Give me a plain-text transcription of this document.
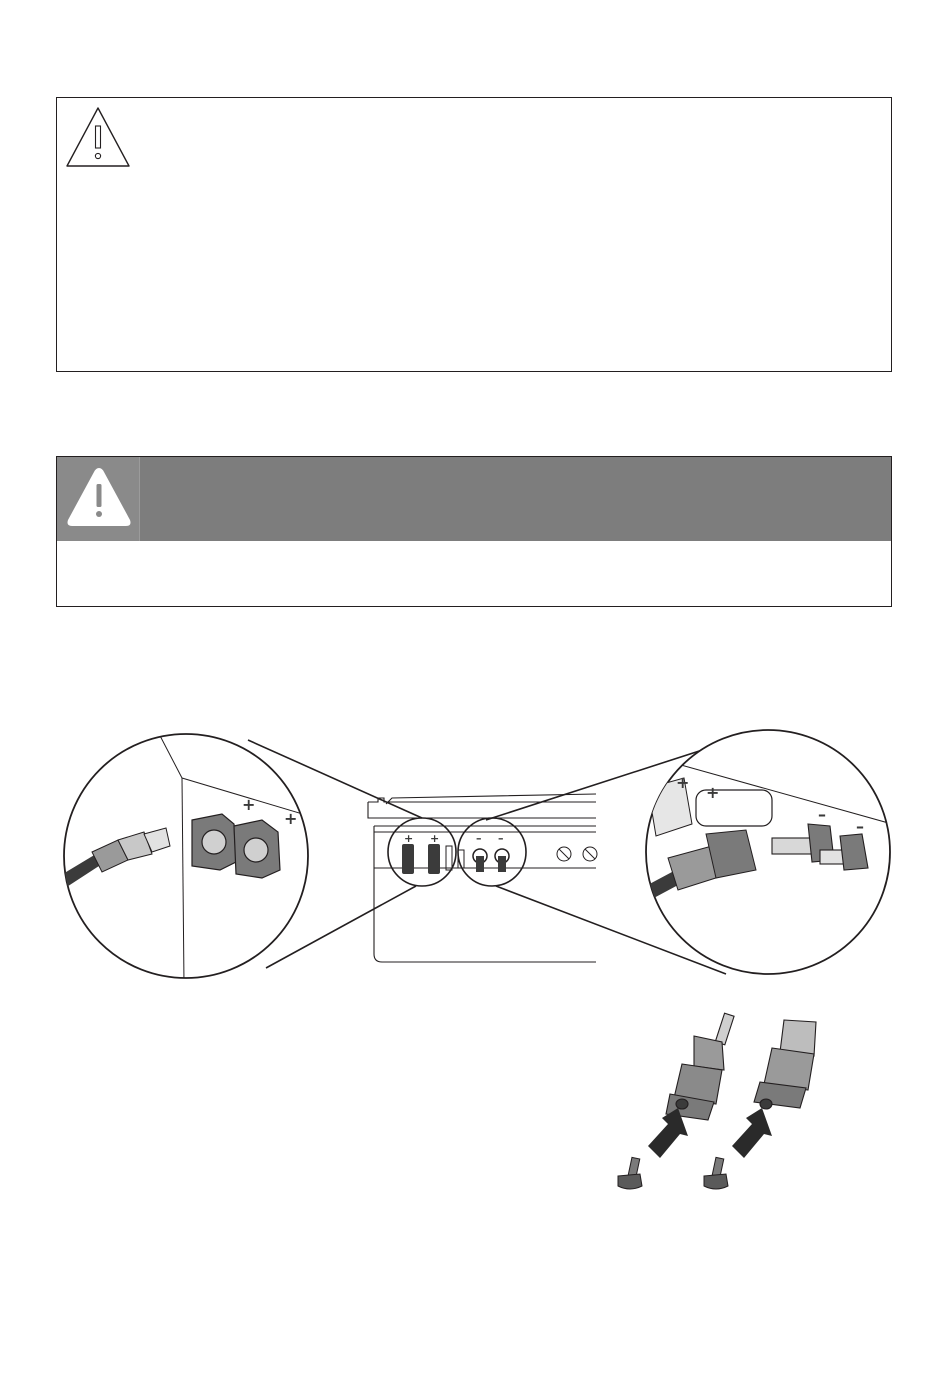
+ +	– –
+
+	–
–
+
+
